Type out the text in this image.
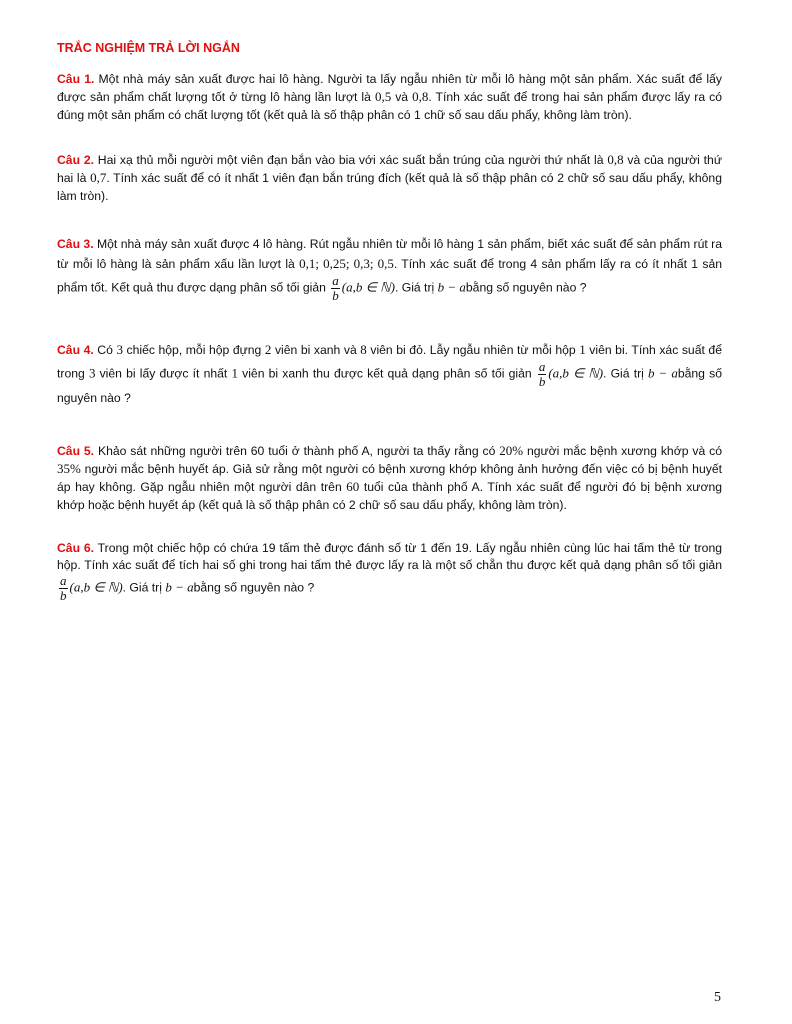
TRẮC NGHIỆM TRẢ LỜI NGẮN

Câu 1. Một nhà máy sản xuất được hai lô hàng. Người ta lấy ngẫu nhiên từ mỗi lô hàng một sản phẩm. Xác suất để lấy được sản phẩm chất lượng tốt ở từng lô hàng lần lượt là 0,5 và 0,8. Tính xác suất để trong hai sản phẩm được lấy ra có đúng một sản phẩm có chất lượng tốt (kết quả là số thập phân có 1 chữ số sau dấu phẩy, không làm tròn).

Câu 2. Hai xạ thủ mỗi người một viên đạn bắn vào bia với xác suất bắn trúng của người thứ nhất là 0,8 và của người thứ hai là 0,7. Tính xác suất để có ít nhất 1 viên đạn bắn trúng đích (kết quả là số thập phân có 2 chữ số sau dấu phẩy, không làm tròn).

Câu 3. Một nhà máy sản xuất được 4 lô hàng. Rút ngẫu nhiên từ mỗi lô hàng 1 sản phẩm, biết xác suất để sản phẩm rút ra từ mỗi lô hàng là sản phẩm xấu lần lượt là 0,1; 0,25; 0,3; 0,5. Tính xác suất để trong 4 sản phẩm lấy ra có ít nhất 1 sản phẩm tốt. Kết quả thu được dạng phân số tối giản $\frac{a}{b} (a,b$ ∈ ℕ). Giá trị b − abằng số nguyên nào ?

Câu 4. Có 3 chiếc hộp, mỗi hộp đựng 2 viên bi xanh và 8 viên bi đỏ. Lẫy ngẫu nhiên từ mỗi hộp 1 viên bi. Tính xác suất để trong 3 viên bi lấy được ít nhất 1 viên bi xanh thu được kết quả dạng phân số tối giản $\frac{a}{b} (a,b$ ∈ ℕ). Giá trị b − abằng số nguyên nào ?

Câu 5. Khảo sát những người trên 60 tuổi ở thành phố A, người ta thấy rằng có 20% người mắc bệnh xương khớp và có 35% người mắc bệnh huyết áp. Giả sử rằng một người có bệnh xương khớp không ảnh hưởng đến việc có bị bệnh huyết áp hay không. Gặp ngẫu nhiên một người dân trên 60 tuổi của thành phố A. Tính xác suất để người đó bị bệnh xương khớp hoặc bệnh huyết áp (kết quả là số thập phân có 2 chữ số sau dấu phẩy, không làm tròn).

Câu 6. Trong một chiếc hộp có chứa 19 tấm thẻ được đánh số từ 1 đến 19. Lấy ngẫu nhiên cùng lúc hai tấm thẻ từ trong hộp. Tính xác suất để tích hai số ghi trong hai tấm thẻ được lấy ra là một số chẵn thu được kết quả dạng phân số tối giản
$\frac{a}{b} (a,b$ ∈ ℕ). Giá trị b − abằng số nguyên nào ?

5
